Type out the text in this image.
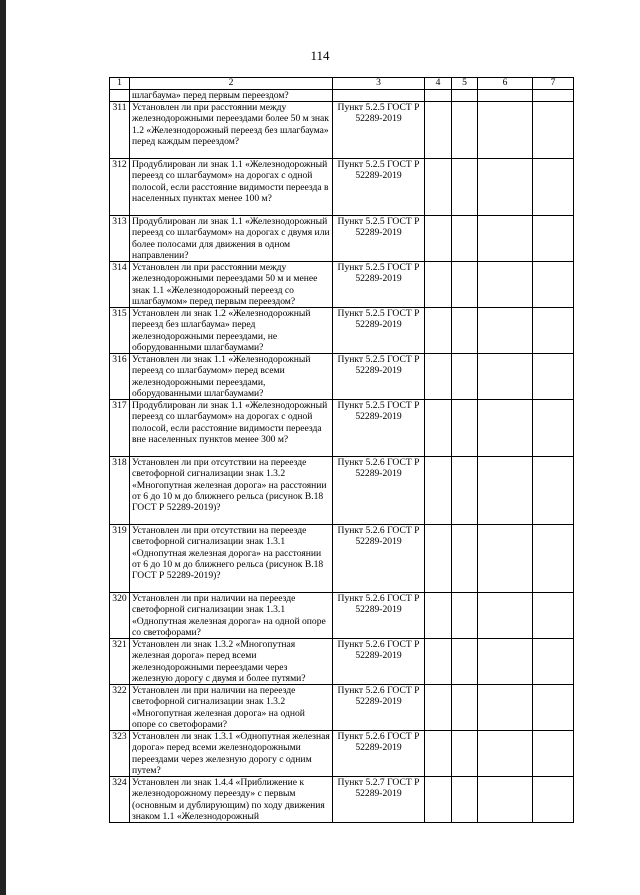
114
1	2	3	4	5	6	7
	шлагбаума» перед первым переездом?					
311	Установлен ли при расстоянии между железнодорожными переездами более 50 м знак 1.2 «Железнодорожный переезд без шлагбаума» перед каждым переездом?	Пункт 5.2.5 ГОСТ Р 52289-2019				
312	Продублирован ли знак 1.1 «Железнодорожный переезд со шлагбаумом» на дорогах с одной полосой, если расстояние видимости переезда в населенных пунктах менее 100 м?	Пункт 5.2.5 ГОСТ Р 52289-2019				
313	Продублирован ли знак 1.1 «Железнодорожный переезд со шлагбаумом» на дорогах с двумя или более полосами для движения в одном направлении?	Пункт 5.2.5 ГОСТ Р 52289-2019				
314	Установлен ли при расстоянии между железнодорожными переездами 50 м и менее знак 1.1 «Железнодорожный переезд со шлагбаумом» перед первым переездом?	Пункт 5.2.5 ГОСТ Р 52289-2019				
315	Установлен ли знак 1.2 «Железнодорожный переезд без шлагбаума» перед железнодорожными переездами, не оборудованными шлагбаумами?	Пункт 5.2.5 ГОСТ Р 52289-2019				
316	Установлен ли знак 1.1 «Железнодорожный переезд со шлагбаумом» перед всеми железнодорожными переездами, оборудованными шлагбаумами?	Пункт 5.2.5 ГОСТ Р 52289-2019				
317	Продублирован ли знак 1.1 «Железнодорожный переезд со шлагбаумом» на дорогах с одной полосой, если расстояние видимости переезда вне населенных пунктов менее 300 м?	Пункт 5.2.5 ГОСТ Р 52289-2019				
318	Установлен ли при отсутствии на переезде светофорной сигнализации знак 1.3.2 «Многопутная железная дорога» на расстоянии от 6 до 10 м до ближнего рельса (рисунок В.18 ГОСТ Р 52289-2019)?	Пункт 5.2.6 ГОСТ Р 52289-2019				
319	Установлен ли при отсутствии на переезде светофорной сигнализации знак 1.3.1 «Однопутная железная дорога» на расстоянии от 6 до 10 м до ближнего рельса (рисунок В.18 ГОСТ Р 52289-2019)?	Пункт 5.2.6 ГОСТ Р 52289-2019				
320	Установлен ли при наличии на переезде светофорной сигнализации знак 1.3.1 «Однопутная железная дорога» на одной опоре со светофорами?	Пункт 5.2.6 ГОСТ Р 52289-2019				
321	Установлен ли знак 1.3.2 «Многопутная железная дорога» перед всеми железнодорожными переездами через железную дорогу с двумя и более путями?	Пункт 5.2.6 ГОСТ Р 52289-2019				
322	Установлен ли при наличии на переезде светофорной сигнализации знак 1.3.2 «Многопутная железная дорога» на одной опоре со светофорами?	Пункт 5.2.6 ГОСТ Р 52289-2019				
323	Установлен ли знак 1.3.1 «Однопутная железная дорога» перед всеми железнодорожными переездами через железную дорогу с одним путем?	Пункт 5.2.6 ГОСТ Р 52289-2019				
324	Установлен ли знак 1.4.4 «Приближение к железнодорожному переезду» с первым (основным и дублирующим) по ходу движения знаком 1.1 «Железнодорожный	Пункт 5.2.7 ГОСТ Р 52289-2019				
